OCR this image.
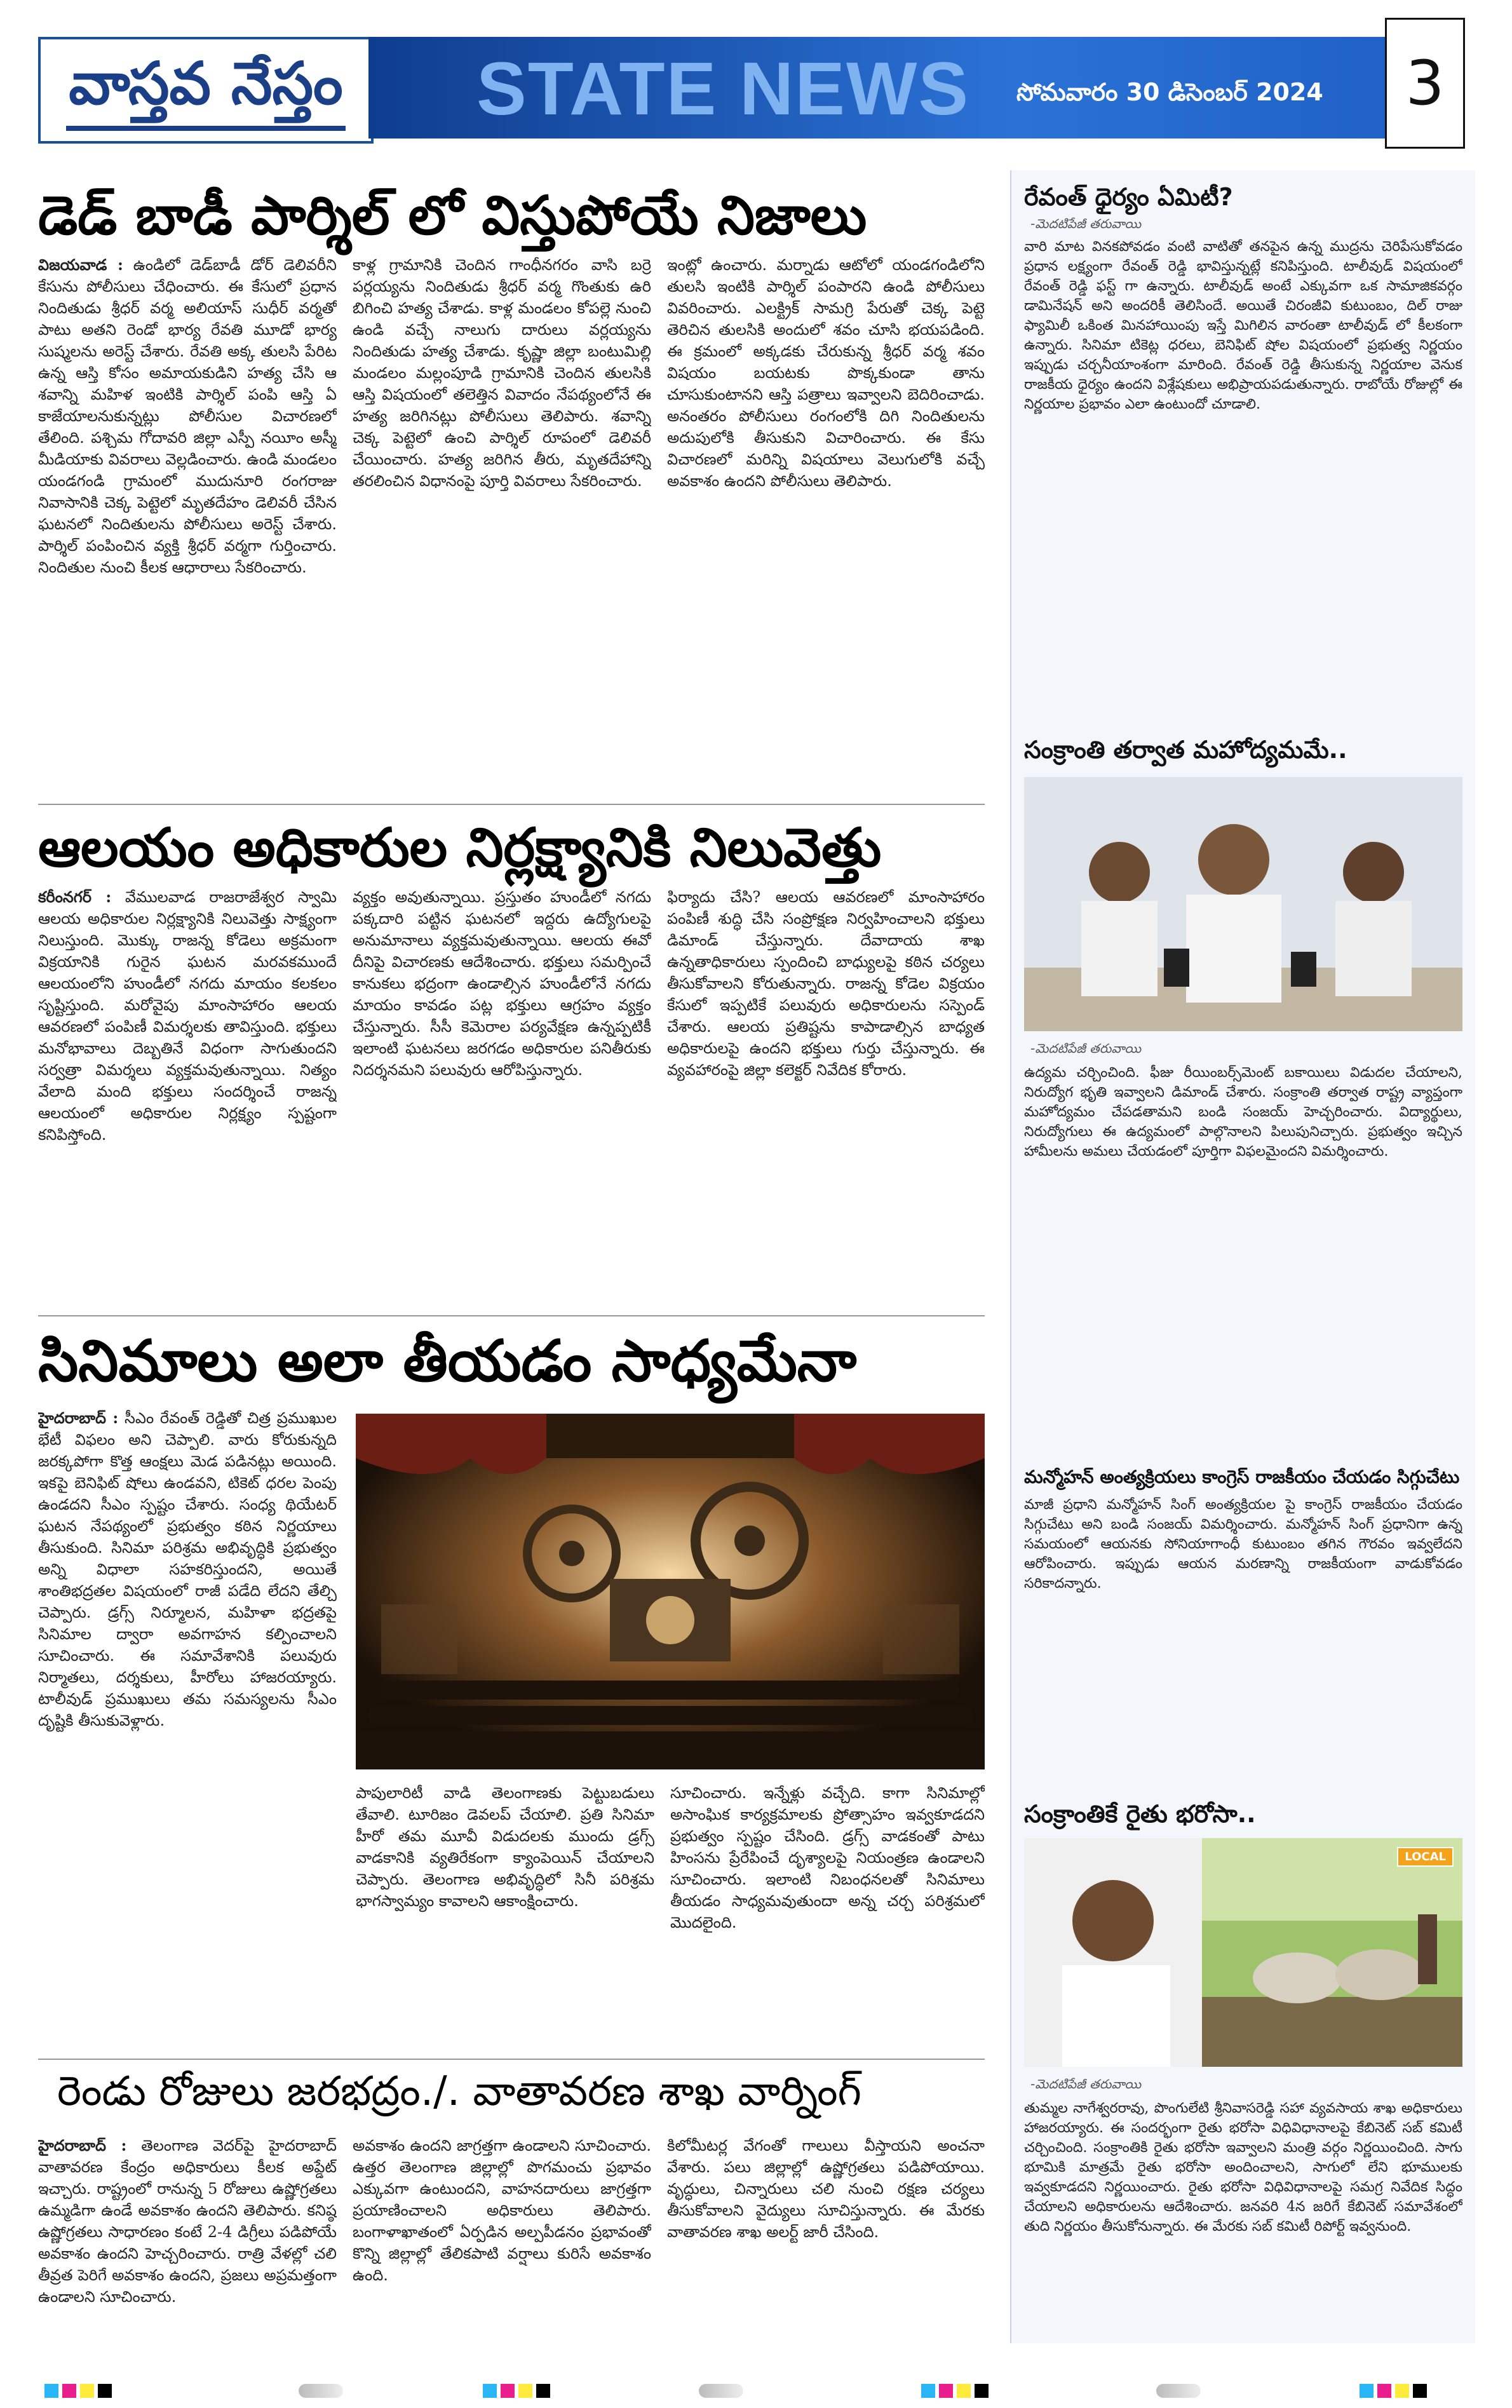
వాస్తవ నేస్తం STATE NEWS సోమవారం 30 డిసెంబర్ 2024	3
డెడ్ బాడీ పార్శిల్ లో విస్తుపోయే నిజాలు
విజయవాడ : ఉండిలో డెడ్‌బాడీ డోర్ డెలివరీని కేసును పోలీసులు చేధించారు. ఈ కేసులో ప్రధాన నిందితుడు శ్రీధర్ వర్మ అలియాస్ సుధీర్ వర్మతో పాటు అతని రెండో భార్య రేవతి మూడో భార్య సుష్మలను అరెస్ట్ చేశారు. రేవతి అక్క తులసి పేరిట ఉన్న ఆస్తి కోసం అమాయకుడిని హత్య చేసి ఆ శవాన్ని మహిళ ఇంటికి పార్శిల్ పంపి ఆస్తి ఏ కాజేయాలనుకున్నట్లు పోలీసుల విచారణలో తేలింది. పశ్చిమ గోదావరి జిల్లా ఎస్పీ నయీం అస్మీ మీడియాకు వివరాలు వెల్లడించారు. ఉండి మండలం యండగండి గ్రామంలో ముదునూరి రంగరాజు నివాసానికి చెక్క పెట్టెలో మృతదేహం డెలివరీ చేసిన ఘటనలో నిందితులను పోలీసులు అరెస్ట్ చేశారు. పార్శిల్ పంపించిన వ్యక్తి శ్రీధర్ వర్మగా గుర్తించారు. నిందితుల నుంచి కీలక ఆధారాలు సేకరించారు.
కాళ్ల గ్రామానికి చెందిన గాంధీనగరం వాసి బర్రె పర్లయ్యను నిందితుడు శ్రీధర్ వర్మ గొంతుకు ఉరి బిగించి హత్య చేశాడు. కాళ్ల మండలం కోపల్లె నుంచి ఉండి వచ్చే నాలుగు దారులు వర్లయ్యను నిందితుడు హత్య చేశాడు. కృష్ణా జిల్లా బంటుమిల్లి మండలం మల్లంపూడి గ్రామానికి చెందిన తులసికి ఆస్తి విషయంలో తలెత్తిన వివాదం నేపథ్యంలోనే ఈ హత్య జరిగినట్లు పోలీసులు తెలిపారు. శవాన్ని చెక్క పెట్టెలో ఉంచి పార్శిల్ రూపంలో డెలివరీ చేయించారు. హత్య జరిగిన తీరు, మృతదేహాన్ని తరలించిన విధానంపై పూర్తి వివరాలు సేకరించారు.
ఇంట్లో ఉంచారు. మర్నాడు ఆటోలో యండగండిలోని తులసి ఇంటికి పార్శిల్ పంపారని ఉండి పోలీసులు వివరించారు. ఎలక్ట్రిక్ సామగ్రి పేరుతో చెక్క పెట్టె తెరిచిన తులసికి అందులో శవం చూసి భయపడింది. ఈ క్రమంలో అక్కడకు చేరుకున్న శ్రీధర్ వర్మ శవం విషయం బయటకు పొక్కకుండా తాను చూసుకుంటానని ఆస్తి పత్రాలు ఇవ్వాలని బెదిరించాడు. అనంతరం పోలీసులు రంగంలోకి దిగి నిందితులను అదుపులోకి తీసుకుని విచారించారు. ఈ కేసు విచారణలో మరిన్ని విషయాలు వెలుగులోకి వచ్చే అవకాశం ఉందని పోలీసులు తెలిపారు.
ఆలయం అధికారుల నిర్లక్ష్యానికి నిలువెత్తు
కరీంనగర్ : వేములవాడ రాజరాజేశ్వర స్వామి ఆలయ అధికారుల నిర్లక్ష్యానికి నిలువెత్తు సాక్ష్యంగా నిలుస్తుంది. మొక్కు రాజన్న కోడెలు అక్రమంగా విక్రయానికి గురైన ఘటన మరవకముందే ఆలయంలోని హుండీలో నగదు మాయం కలకలం సృష్టిస్తుంది. మరోవైపు మాంసాహారం ఆలయ ఆవరణలో పంపిణీ విమర్శలకు తావిస్తుంది. భక్తులు మనోభావాలు దెబ్బతినే విధంగా సాగుతుందని సర్వత్రా విమర్శలు వ్యక్తమవుతున్నాయి. నిత్యం వేలాది మంది భక్తులు సందర్శించే రాజన్న ఆలయంలో అధికారుల నిర్లక్ష్యం స్పష్టంగా కనిపిస్తోంది.
వ్యక్తం అవుతున్నాయి. ప్రస్తుతం హుండీలో నగదు పక్కదారి పట్టిన ఘటనలో ఇద్దరు ఉద్యోగులపై అనుమానాలు వ్యక్తమవుతున్నాయి. ఆలయ ఈవో దీనిపై విచారణకు ఆదేశించారు. భక్తులు సమర్పించే కానుకలు భద్రంగా ఉండాల్సిన హుండీలోనే నగదు మాయం కావడం పట్ల భక్తులు ఆగ్రహం వ్యక్తం చేస్తున్నారు. సీసీ కెమెరాల పర్యవేక్షణ ఉన్నప్పటికీ ఇలాంటి ఘటనలు జరగడం అధికారుల పనితీరుకు నిదర్శనమని పలువురు ఆరోపిస్తున్నారు.
ఫిర్యాదు చేసి? ఆలయ ఆవరణలో మాంసాహారం పంపిణీ శుద్ధి చేసి సంప్రోక్షణ నిర్వహించాలని భక్తులు డిమాండ్ చేస్తున్నారు. దేవాదాయ శాఖ ఉన్నతాధికారులు స్పందించి బాధ్యులపై కఠిన చర్యలు తీసుకోవాలని కోరుతున్నారు. రాజన్న కోడెల విక్రయం కేసులో ఇప్పటికే పలువురు అధికారులను సస్పెండ్ చేశారు. ఆలయ ప్రతిష్టను కాపాడాల్సిన బాధ్యత అధికారులపై ఉందని భక్తులు గుర్తు చేస్తున్నారు. ఈ వ్యవహారంపై జిల్లా కలెక్టర్ నివేదిక కోరారు.
సినిమాలు అలా తీయడం సాధ్యమేనా
హైదరాబాద్ : సీఎం రేవంత్ రెడ్డితో చిత్ర ప్రముఖుల భేటీ విఫలం అని చెప్పాలి. వారు కోరుకున్నది జరక్కపోగా కొత్త ఆంక్షలు మెడ పడినట్లు అయింది. ఇకపై బెనిఫిట్ షోలు ఉండవని, టికెట్ ధరల పెంపు ఉండదని సీఎం స్పష్టం చేశారు. సంధ్య థియేటర్ ఘటన నేపథ్యంలో ప్రభుత్వం కఠిన నిర్ణయాలు తీసుకుంది. సినిమా పరిశ్రమ అభివృద్ధికి ప్రభుత్వం అన్ని విధాలా సహకరిస్తుందని, అయితే శాంతిభద్రతల విషయంలో రాజీ పడేది లేదని తేల్చి చెప్పారు. డ్రగ్స్ నిర్మూలన, మహిళా భద్రతపై సినిమాల ద్వారా అవగాహన కల్పించాలని సూచించారు. ఈ సమావేశానికి పలువురు నిర్మాతలు, దర్శకులు, హీరోలు హాజరయ్యారు. టాలీవుడ్ ప్రముఖులు తమ సమస్యలను సీఎం దృష్టికి తీసుకువెళ్లారు.
పాపులారిటీ వాడి తెలంగాణకు పెట్టుబడులు తేవాలి. టూరిజం డెవలప్ చేయాలి. ప్రతి సినిమా హీరో తమ మూవీ విడుదలకు ముందు డ్రగ్స్ వాడకానికి వ్యతిరేకంగా క్యాంపెయిన్ చేయాలని చెప్పారు. తెలంగాణ అభివృద్ధిలో సినీ పరిశ్రమ భాగస్వామ్యం కావాలని ఆకాంక్షించారు.
సూచించారు. ఇన్నేళ్లు వచ్చేది. కాగా సినిమాల్లో అసాంఘిక కార్యక్రమాలకు ప్రోత్సాహం ఇవ్వకూడదని ప్రభుత్వం స్పష్టం చేసింది. డ్రగ్స్ వాడకంతో పాటు హింసను ప్రేరేపించే దృశ్యాలపై నియంత్రణ ఉండాలని సూచించారు. ఇలాంటి నిబంధనలతో సినిమాలు తీయడం సాధ్యమవుతుందా అన్న చర్చ పరిశ్రమలో మొదలైంది.
రెండు రోజులు జరభద్రం./. వాతావరణ శాఖ వార్నింగ్
హైదరాబాద్ : తెలంగాణ వెదర్‌పై హైదరాబాద్ వాతావరణ కేంద్రం అధికారులు కీలక అప్డేట్ ఇచ్చారు. రాష్ట్రంలో రానున్న 5 రోజులు ఉష్ణోగ్రతలు ఉమ్మడిగా ఉండే అవకాశం ఉందని తెలిపారు. కనిష్ఠ ఉష్ణోగ్రతలు సాధారణం కంటే 2-4 డిగ్రీలు పడిపోయే అవకాశం ఉందని హెచ్చరించారు. రాత్రి వేళల్లో చలి తీవ్రత పెరిగే అవకాశం ఉందని, ప్రజలు అప్రమత్తంగా ఉండాలని సూచించారు.
అవకాశం ఉందని జాగ్రత్తగా ఉండాలని సూచించారు. ఉత్తర తెలంగాణ జిల్లాల్లో పొగమంచు ప్రభావం ఎక్కువగా ఉంటుందని, వాహనదారులు జాగ్రత్తగా ప్రయాణించాలని అధికారులు తెలిపారు. బంగాళాఖాతంలో ఏర్పడిన అల్పపీడనం ప్రభావంతో కొన్ని జిల్లాల్లో తేలికపాటి వర్షాలు కురిసే అవకాశం ఉంది.
కిలోమీటర్ల వేగంతో గాలులు వీస్తాయని అంచనా వేశారు. పలు జిల్లాల్లో ఉష్ణోగ్రతలు పడిపోయాయి. వృద్ధులు, చిన్నారులు చలి నుంచి రక్షణ చర్యలు తీసుకోవాలని వైద్యులు సూచిస్తున్నారు. ఈ మేరకు వాతావరణ శాఖ అలర్ట్ జారీ చేసింది.
రేవంత్ ధైర్యం ఏమిటీ?
-మెదటిపేజీ తరువాయి
వారి మాట వినకపోవడం వంటి వాటితో తనపైన ఉన్న ముద్రను చెరిపేసుకోవడం ప్రధాన లక్ష్యంగా రేవంత్ రెడ్డి భావిస్తున్నట్లే కనిపిస్తుంది. టాలీవుడ్ విషయంలో రేవంత్ రెడ్డి ఫస్ట్ గా ఉన్నారు. టాలీవుడ్ అంటే ఎక్కువగా ఒక సామాజికవర్గం డామినేషన్ అని అందరికీ తెలిసిందే. అయితే చిరంజీవి కుటుంబం, దిల్ రాజు ఫ్యామిలీ ఒకింత మినహాయింపు ఇస్తే మిగిలిన వారంతా టాలీవుడ్ లో కీలకంగా ఉన్నారు. సినిమా టికెట్ల ధరలు, బెనిఫిట్ షోల విషయంలో ప్రభుత్వ నిర్ణయం ఇప్పుడు చర్చనీయాంశంగా మారింది. రేవంత్ రెడ్డి తీసుకున్న నిర్ణయాల వెనుక రాజకీయ ధైర్యం ఉందని విశ్లేషకులు అభిప్రాయపడుతున్నారు. రాబోయే రోజుల్లో ఈ నిర్ణయాల ప్రభావం ఎలా ఉంటుందో చూడాలి.
సంక్రాంతి తర్వాత మహోద్యమమే..
-మెదటిపేజీ తరువాయి
ఉద్యమ చర్చించింది. ఫీజు రీయింబర్స్‌మెంట్ బకాయిలు విడుదల చేయాలని, నిరుద్యోగ భృతి ఇవ్వాలని డిమాండ్ చేశారు. సంక్రాంతి తర్వాత రాష్ట్ర వ్యాప్తంగా మహోద్యమం చేపడతామని బండి సంజయ్ హెచ్చరించారు. విద్యార్థులు, నిరుద్యోగులు ఈ ఉద్యమంలో పాల్గొనాలని పిలుపునిచ్చారు. ప్రభుత్వం ఇచ్చిన హామీలను అమలు చేయడంలో పూర్తిగా విఫలమైందని విమర్శించారు.
మన్మోహన్ అంత్యక్రియలు కాంగ్రెస్ రాజకీయం చేయడం సిగ్గుచేటు
మాజీ ప్రధాని మన్మోహన్ సింగ్ అంత్యక్రియల పై కాంగ్రెస్ రాజకీయం చేయడం సిగ్గుచేటు అని బండి సంజయ్ విమర్శించారు. మన్మోహన్ సింగ్ ప్రధానిగా ఉన్న సమయంలో ఆయనకు సోనియాగాంధీ కుటుంబం తగిన గౌరవం ఇవ్వలేదని ఆరోపించారు. ఇప్పుడు ఆయన మరణాన్ని రాజకీయంగా వాడుకోవడం సరికాదన్నారు.
సంక్రాంతికే రైతు భరోసా..
LOCAL
-మెదటిపేజీ తరువాయి
తుమ్మల నాగేశ్వరరావు, పొంగులేటి శ్రీనివాసరెడ్డి సహా వ్యవసాయ శాఖ అధికారులు హాజరయ్యారు. ఈ సందర్భంగా రైతు భరోసా విధివిధానాలపై కేబినెట్ సబ్ కమిటీ చర్చించింది. సంక్రాంతికి రైతు భరోసా ఇవ్వాలని మంత్రి వర్గం నిర్ణయించింది. సాగు భూమికి మాత్రమే రైతు భరోసా అందించాలని, సాగులో లేని భూములకు ఇవ్వకూడదని నిర్ణయించారు. రైతు భరోసా విధివిధానాలపై సమగ్ర నివేదిక సిద్ధం చేయాలని అధికారులను ఆదేశించారు. జనవరి 4న జరిగే కేబినెట్ సమావేశంలో తుది నిర్ణయం తీసుకోనున్నారు. ఈ మేరకు సబ్ కమిటీ రిపోర్ట్ ఇవ్వనుంది.
